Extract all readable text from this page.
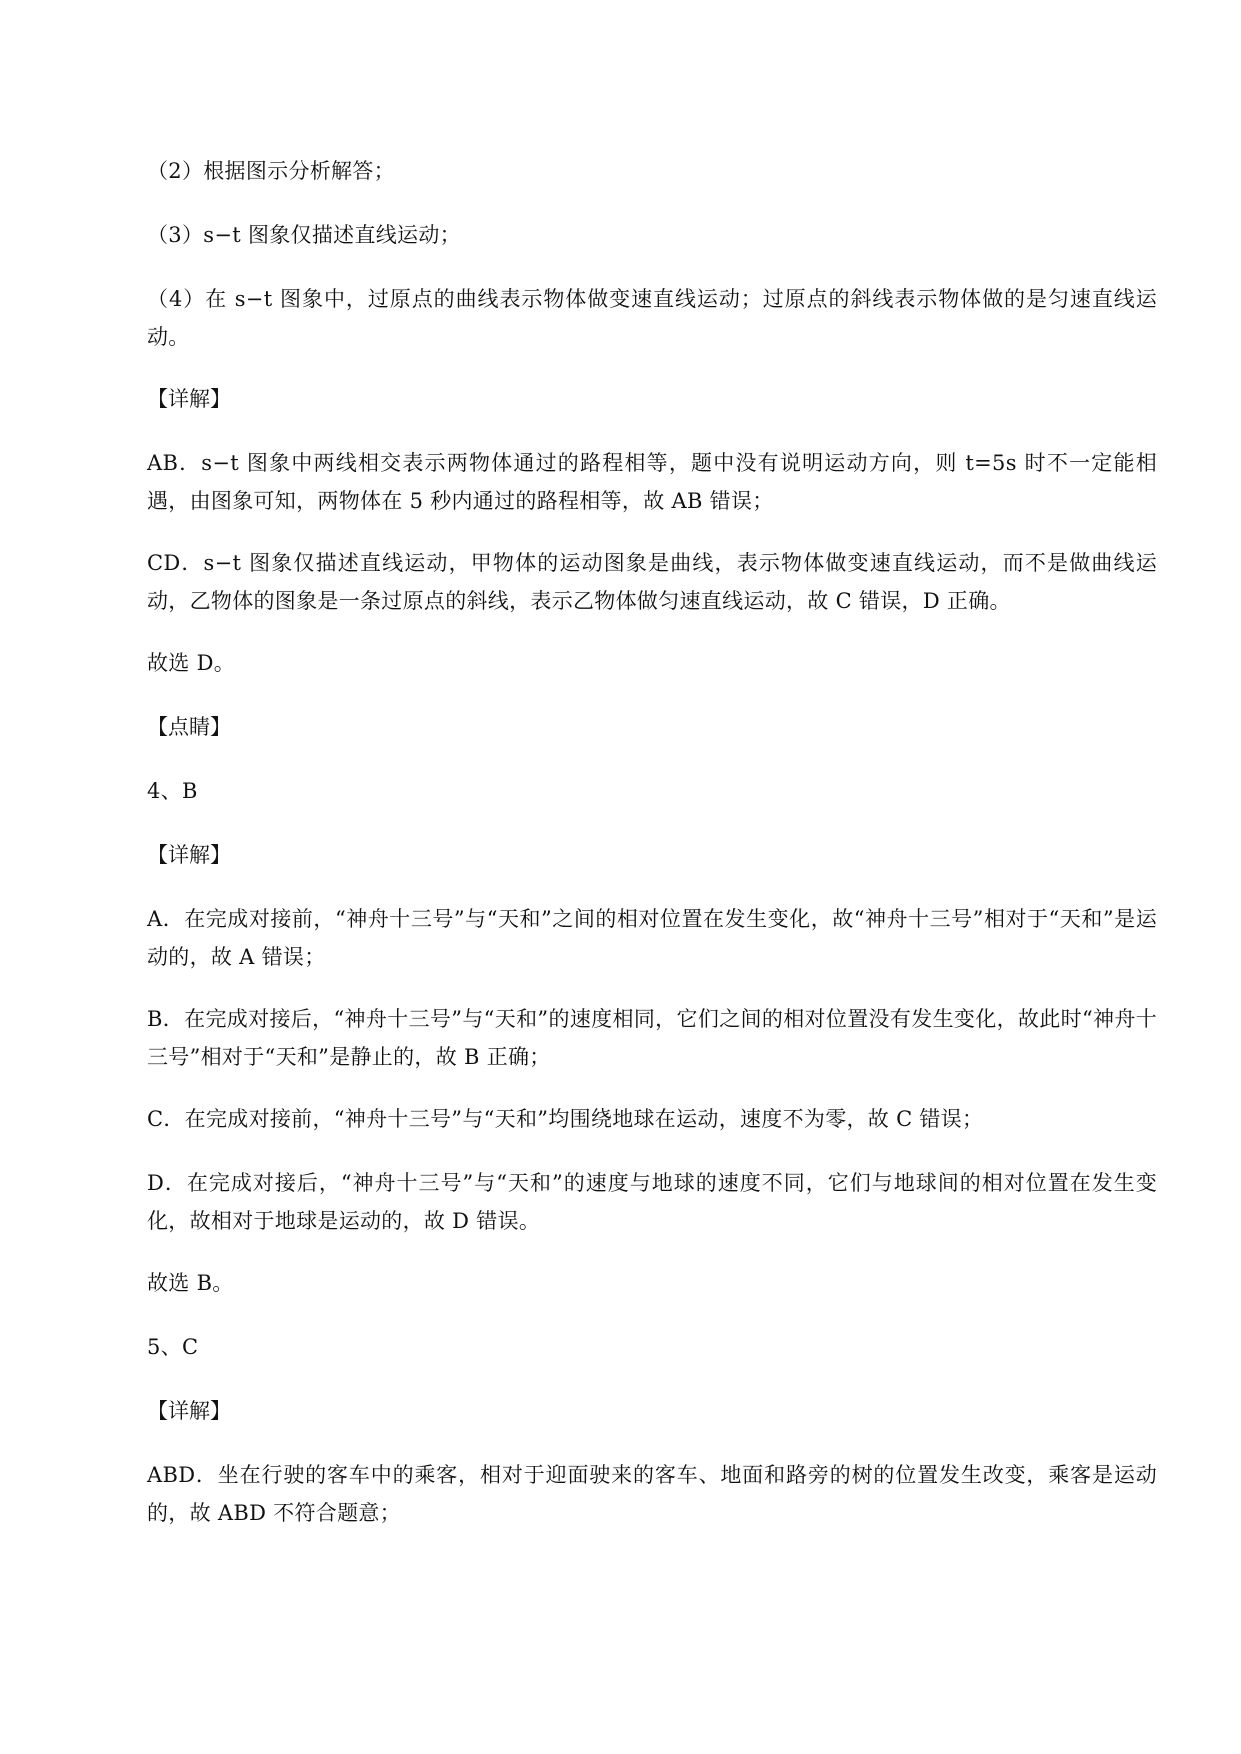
（2）根据图示分析解答；

（3）s−t 图象仅描述直线运动；

（4）在 s−t 图象中，过原点的曲线表示物体做变速直线运动；过原点的斜线表示物体做的是匀速直线运动。

【详解】

AB．s−t 图象中两线相交表示两物体通过的路程相等，题中没有说明运动方向，则 t=5s 时不一定能相遇，由图象可知，两物体在 5 秒内通过的路程相等，故 AB 错误；

CD．s−t 图象仅描述直线运动，甲物体的运动图象是曲线，表示物体做变速直线运动，而不是做曲线运动，乙物体的图象是一条过原点的斜线，表示乙物体做匀速直线运动，故 C 错误，D 正确。

故选 D。

【点睛】

4、B

【详解】

A．在完成对接前，“神舟十三号”与“天和”之间的相对位置在发生变化，故“神舟十三号”相对于“天和”是运动的，故 A 错误；

B．在完成对接后，“神舟十三号”与“天和”的速度相同，它们之间的相对位置没有发生变化，故此时“神舟十三号”相对于“天和”是静止的，故 B 正确；

C．在完成对接前，“神舟十三号”与“天和”均围绕地球在运动，速度不为零，故 C 错误；

D．在完成对接后，“神舟十三号”与“天和”的速度与地球的速度不同，它们与地球间的相对位置在发生变化，故相对于地球是运动的，故 D 错误。

故选 B。

5、C

【详解】

ABD．坐在行驶的客车中的乘客，相对于迎面驶来的客车、地面和路旁的树的位置发生改变，乘客是运动的，故 ABD 不符合题意；
